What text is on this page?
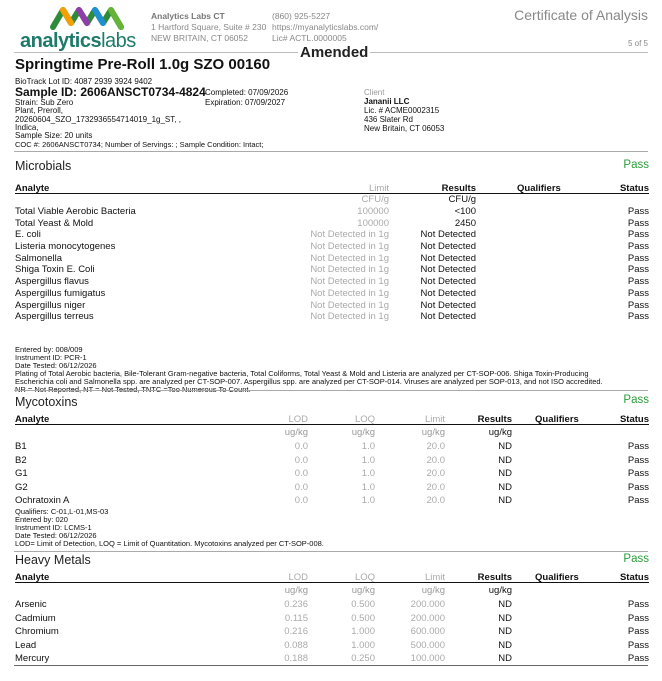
analyticslabs
Analytics Labs CT
1 Hartford Square, Suite # 230
NEW BRITAIN, CT 06052
(860) 925-5227
https://myanalyticslabs.com/
Lic# ACTL.0000005
Certificate of Analysis
5 of 5
Amended
Springtime Pre-Roll 1.0g SZO 00160
BioTrack Lot ID: 4087 2939 3924 9402
Sample ID: 2606ANSCT0734-4824
Strain: Sub Zero
Plant, Preroll,
20260604_SZO_1732936554714019_1g_ST, ,
Indica,
Sample Size: 20 units
Completed: 07/09/2026
Expiration: 07/09/2027
Client
Jananii LLC
Lic. # ACME0002315
436 Slater Rd
New Britain, CT 06053
COC #: 2606ANSCT0734; Number of Servings: ; Sample Condition: Intact;
Microbials	Pass
Analyte	Limit	Results	Qualifiers	Status
CFU/g	CFU/g
Total Viable Aerobic Bacteria	100000	<100	Pass
Total Yeast & Mold	100000	2450	Pass
E. coli	Not Detected in 1g	Not Detected	Pass
Listeria monocytogenes	Not Detected in 1g	Not Detected	Pass
Salmonella	Not Detected in 1g	Not Detected	Pass
Shiga Toxin E. Coli	Not Detected in 1g	Not Detected	Pass
Aspergillus flavus	Not Detected in 1g	Not Detected	Pass
Aspergillus fumigatus	Not Detected in 1g	Not Detected	Pass
Aspergillus niger	Not Detected in 1g	Not Detected	Pass
Aspergillus terreus	Not Detected in 1g	Not Detected	Pass
Entered by: 008/009
Instrument ID: PCR-1
Date Tested: 06/12/2026
Plating of Total Aerobic bacteria, Bile-Tolerant Gram-negative bacteria, Total Coliforms, Total Yeast & Mold and Listeria are analyzed per CT-SOP-006. Shiga Toxin-Producing
Escherichia coli and Salmonella spp. are analyzed per CT-SOP-007. Aspergillus spp. are analyzed per CT-SOP-014. Viruses are analyzed per SOP-013, and not ISO accredited.
NR = Not Reported, NT = Not Tested, TNTC =Too Numerous To Count.
Mycotoxins	Pass
Analyte	LOD	LOQ	Limit	Results Qualifiers	Status
ug/kg	ug/kg	ug/kg	ug/kg
B1	0.0	1.0	20.0	ND	Pass
B2	0.0	1.0	20.0	ND	Pass
G1	0.0	1.0	20.0	ND	Pass
G2	0.0	1.0	20.0	ND	Pass
Ochratoxin A	0.0	1.0	20.0	ND	Pass
Qualifiers: C-01,L-01,MS-03
Entered by: 020
Instrument ID: LCMS-1
Date Tested: 06/12/2026
LOD= Limit of Detection, LOQ = Limit of Quantitation. Mycotoxins analyzed per CT-SOP-008.
Heavy Metals	Pass
Analyte	LOD	LOQ	Limit	Results Qualifiers	Status
ug/kg	ug/kg	ug/kg	ug/kg
Arsenic	0.236	0.500	200.000	ND	Pass
Cadmium	0.115	0.500	200.000	ND	Pass
Chromium	0.216	1.000	600.000	ND	Pass
Lead	0.088	1.000	500.000	ND	Pass
Mercury	0.188	0.250	100.000	ND	Pass
